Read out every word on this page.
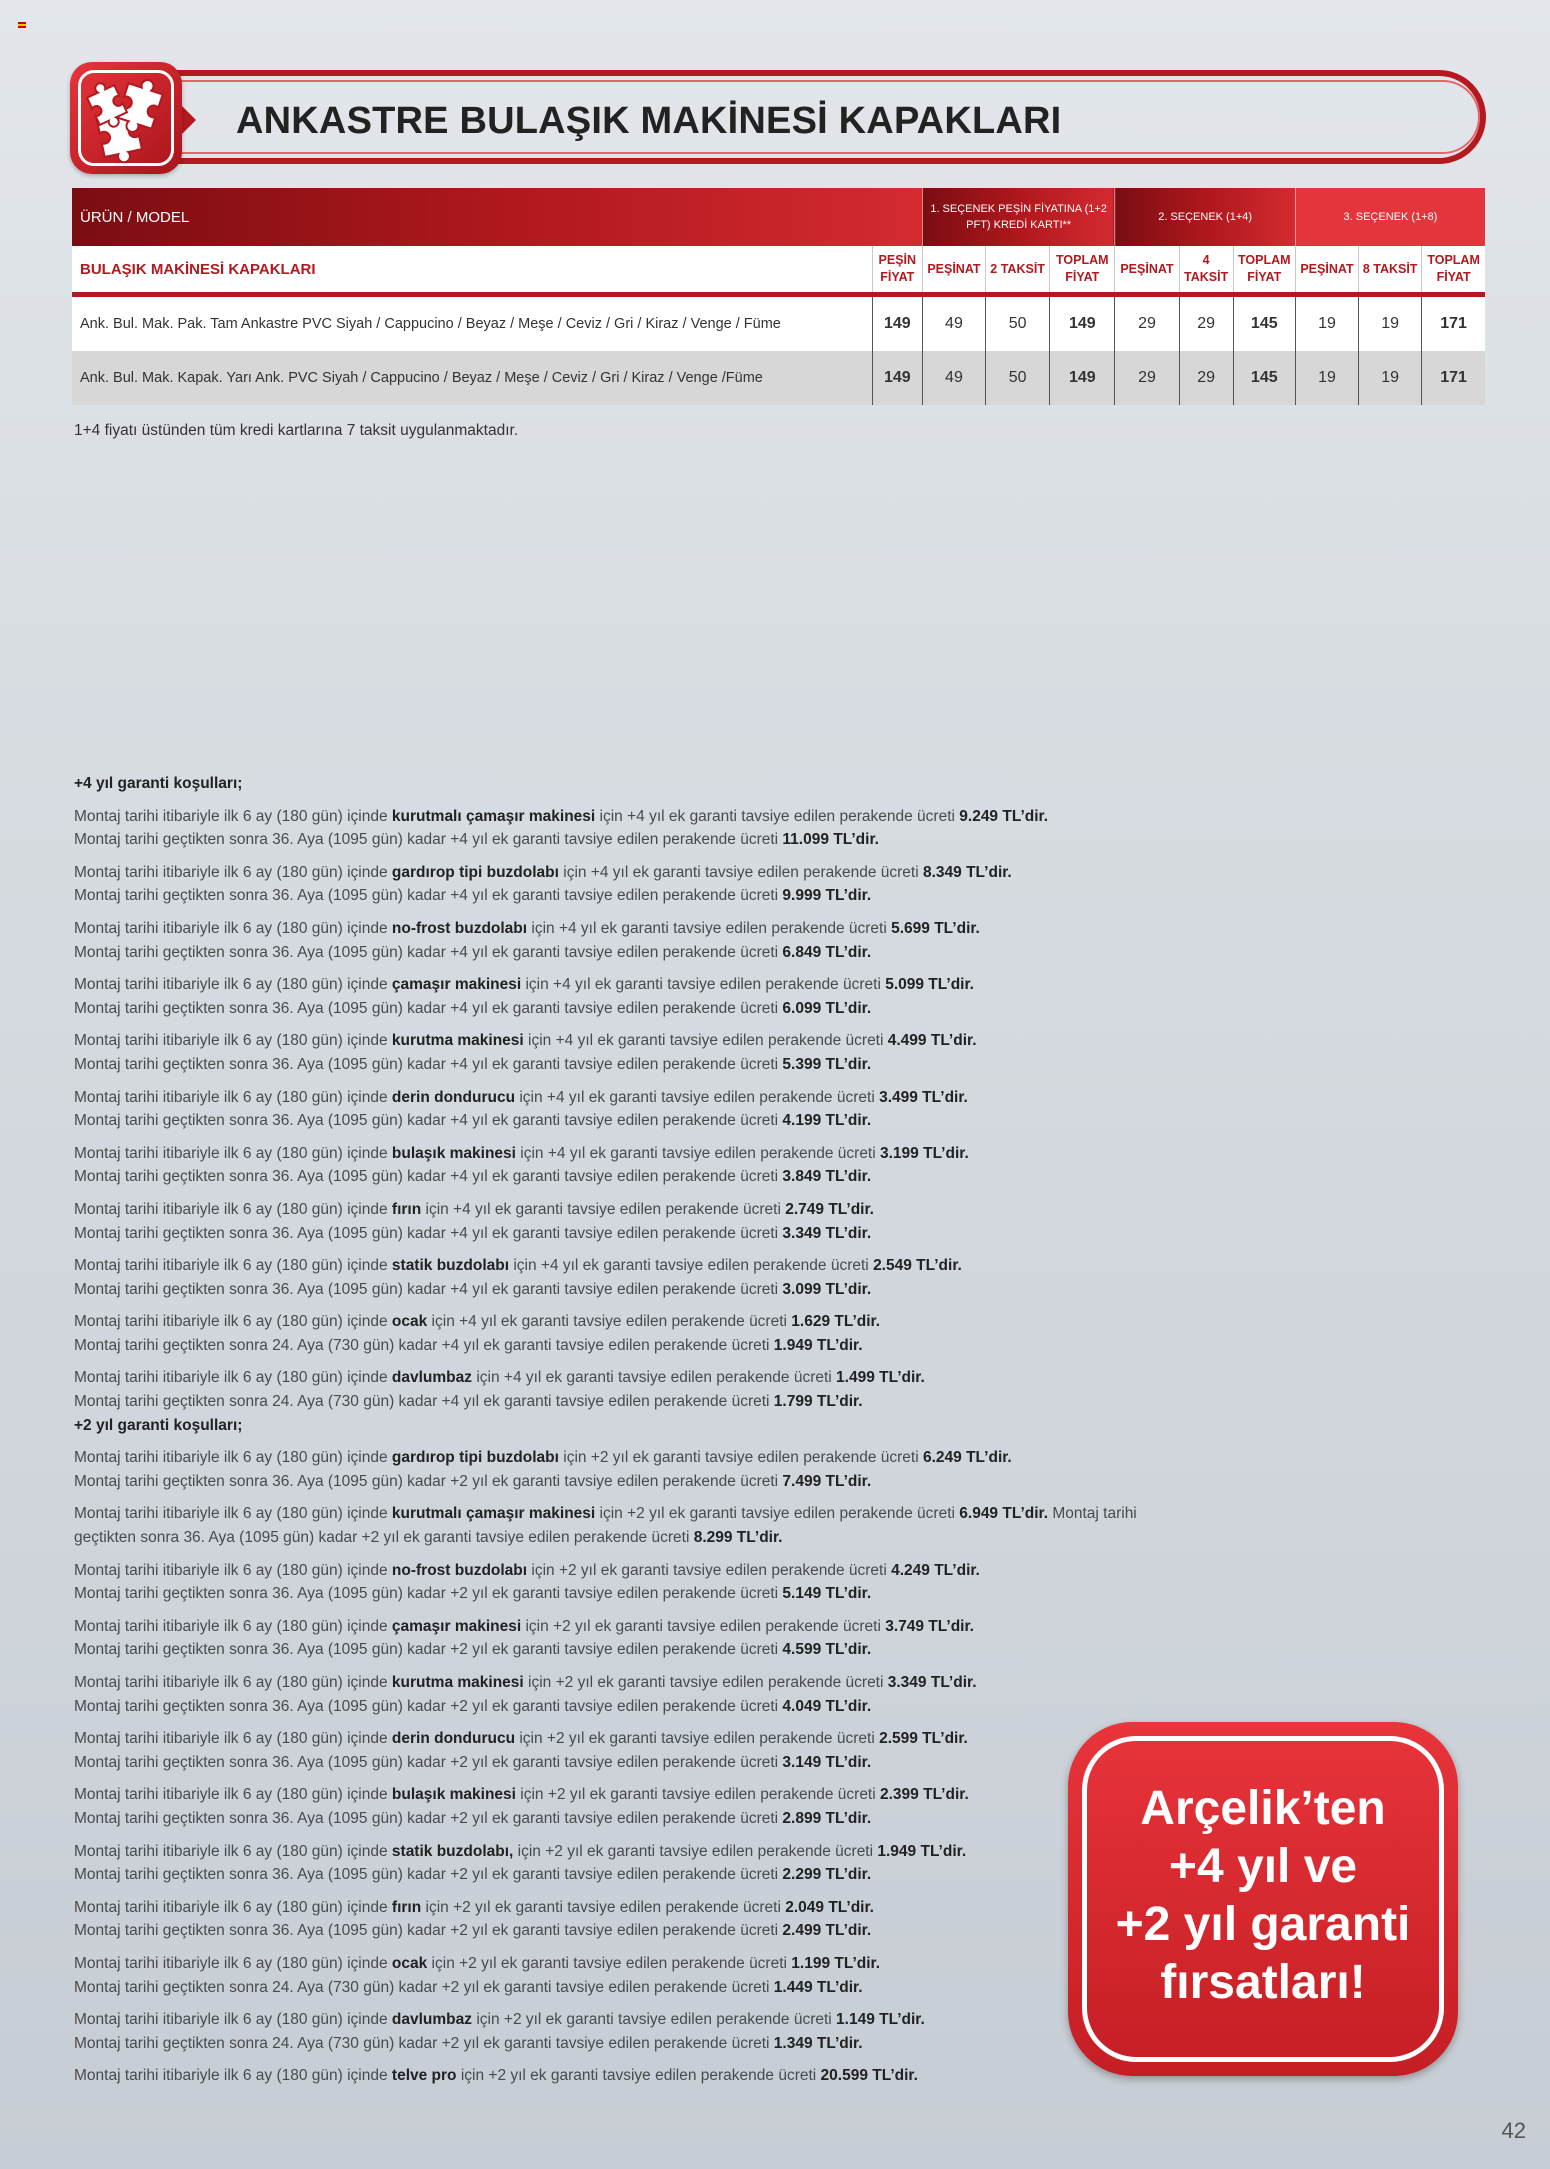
ANKASTRE BULAŞIK MAKİNESİ KAPAKLARI
ÜRÜN / MODEL		1. SEÇENEK PEŞİN FİYATINA (1+2 PFT) KREDİ KARTI**			2. SEÇENEK (1+4)			3. SEÇENEK (1+8)		
BULAŞIK MAKİNESİ KAPAKLARI	PEŞİN FİYAT	PEŞİNAT	2 TAKSİT	TOPLAM FİYAT	PEŞİNAT	4 TAKSİT	TOPLAM FİYAT	PEŞİNAT	8 TAKSİT	TOPLAM FİYAT
Ank. Bul. Mak. Pak. Tam Ankastre PVC Siyah / Cappucino / Beyaz / Meşe / Ceviz / Gri / Kiraz / Venge / Füme	149	49	50	149	29	29	145	19	19	171
Ank. Bul. Mak. Kapak. Yarı Ank. PVC Siyah / Cappucino / Beyaz / Meşe / Ceviz / Gri / Kiraz / Venge /Füme	149	49	50	149	29	29	145	19	19	171
1+4 fiyatı üstünden tüm kredi kartlarına 7 taksit uygulanmaktadır.
+4 yıl garanti koşulları;

Montaj tarihi itibariyle ilk 6 ay (180 gün) içinde kurutmalı çamaşır makinesi için +4 yıl ek garanti tavsiye edilen perakende ücreti 9.249 TL’dir.
Montaj tarihi geçtikten sonra 36. Aya (1095 gün) kadar +4 yıl ek garanti tavsiye edilen perakende ücreti 11.099 TL’dir.

Montaj tarihi itibariyle ilk 6 ay (180 gün) içinde gardırop tipi buzdolabı için +4 yıl ek garanti tavsiye edilen perakende ücreti 8.349 TL’dir.
Montaj tarihi geçtikten sonra 36. Aya (1095 gün) kadar +4 yıl ek garanti tavsiye edilen perakende ücreti 9.999 TL’dir.

Montaj tarihi itibariyle ilk 6 ay (180 gün) içinde no-frost buzdolabı için +4 yıl ek garanti tavsiye edilen perakende ücreti 5.699 TL’dir.
Montaj tarihi geçtikten sonra 36. Aya (1095 gün) kadar +4 yıl ek garanti tavsiye edilen perakende ücreti 6.849 TL’dir.

Montaj tarihi itibariyle ilk 6 ay (180 gün) içinde çamaşır makinesi için +4 yıl ek garanti tavsiye edilen perakende ücreti 5.099 TL’dir.
Montaj tarihi geçtikten sonra 36. Aya (1095 gün) kadar +4 yıl ek garanti tavsiye edilen perakende ücreti 6.099 TL’dir.

Montaj tarihi itibariyle ilk 6 ay (180 gün) içinde kurutma makinesi için +4 yıl ek garanti tavsiye edilen perakende ücreti 4.499 TL’dir.
Montaj tarihi geçtikten sonra 36. Aya (1095 gün) kadar +4 yıl ek garanti tavsiye edilen perakende ücreti 5.399 TL’dir.

Montaj tarihi itibariyle ilk 6 ay (180 gün) içinde derin dondurucu için +4 yıl ek garanti tavsiye edilen perakende ücreti 3.499 TL’dir.
Montaj tarihi geçtikten sonra 36. Aya (1095 gün) kadar +4 yıl ek garanti tavsiye edilen perakende ücreti 4.199 TL’dir.

Montaj tarihi itibariyle ilk 6 ay (180 gün) içinde bulaşık makinesi için +4 yıl ek garanti tavsiye edilen perakende ücreti 3.199 TL’dir.
Montaj tarihi geçtikten sonra 36. Aya (1095 gün) kadar +4 yıl ek garanti tavsiye edilen perakende ücreti 3.849 TL’dir.

Montaj tarihi itibariyle ilk 6 ay (180 gün) içinde fırın için +4 yıl ek garanti tavsiye edilen perakende ücreti 2.749 TL’dir.
Montaj tarihi geçtikten sonra 36. Aya (1095 gün) kadar +4 yıl ek garanti tavsiye edilen perakende ücreti 3.349 TL’dir.

Montaj tarihi itibariyle ilk 6 ay (180 gün) içinde statik buzdolabı için +4 yıl ek garanti tavsiye edilen perakende ücreti 2.549 TL’dir.
Montaj tarihi geçtikten sonra 36. Aya (1095 gün) kadar +4 yıl ek garanti tavsiye edilen perakende ücreti 3.099 TL’dir.

Montaj tarihi itibariyle ilk 6 ay (180 gün) içinde ocak için +4 yıl ek garanti tavsiye edilen perakende ücreti 1.629 TL’dir.
Montaj tarihi geçtikten sonra 24. Aya (730 gün) kadar +4 yıl ek garanti tavsiye edilen perakende ücreti 1.949 TL’dir.

Montaj tarihi itibariyle ilk 6 ay (180 gün) içinde davlumbaz için +4 yıl ek garanti tavsiye edilen perakende ücreti 1.499 TL’dir.
Montaj tarihi geçtikten sonra 24. Aya (730 gün) kadar +4 yıl ek garanti tavsiye edilen perakende ücreti 1.799 TL’dir.

+2 yıl garanti koşulları;

Montaj tarihi itibariyle ilk 6 ay (180 gün) içinde gardırop tipi buzdolabı için +2 yıl ek garanti tavsiye edilen perakende ücreti 6.249 TL’dir.
Montaj tarihi geçtikten sonra 36. Aya (1095 gün) kadar +2 yıl ek garanti tavsiye edilen perakende ücreti 7.499 TL’dir.

Montaj tarihi itibariyle ilk 6 ay (180 gün) içinde kurutmalı çamaşır makinesi için +2 yıl ek garanti tavsiye edilen perakende ücreti 6.949 TL’dir. Montaj tarihi geçtikten sonra 36. Aya (1095 gün) kadar +2 yıl ek garanti tavsiye edilen perakende ücreti 8.299 TL’dir.

Montaj tarihi itibariyle ilk 6 ay (180 gün) içinde no-frost buzdolabı için +2 yıl ek garanti tavsiye edilen perakende ücreti 4.249 TL’dir.
Montaj tarihi geçtikten sonra 36. Aya (1095 gün) kadar +2 yıl ek garanti tavsiye edilen perakende ücreti 5.149 TL’dir.

Montaj tarihi itibariyle ilk 6 ay (180 gün) içinde çamaşır makinesi için +2 yıl ek garanti tavsiye edilen perakende ücreti 3.749 TL’dir.
Montaj tarihi geçtikten sonra 36. Aya (1095 gün) kadar +2 yıl ek garanti tavsiye edilen perakende ücreti 4.599 TL’dir.

Montaj tarihi itibariyle ilk 6 ay (180 gün) içinde kurutma makinesi için +2 yıl ek garanti tavsiye edilen perakende ücreti 3.349 TL’dir.
Montaj tarihi geçtikten sonra 36. Aya (1095 gün) kadar +2 yıl ek garanti tavsiye edilen perakende ücreti 4.049 TL’dir.

Montaj tarihi itibariyle ilk 6 ay (180 gün) içinde derin dondurucu için +2 yıl ek garanti tavsiye edilen perakende ücreti 2.599 TL’dir.
Montaj tarihi geçtikten sonra 36. Aya (1095 gün) kadar +2 yıl ek garanti tavsiye edilen perakende ücreti 3.149 TL’dir.

Montaj tarihi itibariyle ilk 6 ay (180 gün) içinde bulaşık makinesi için +2 yıl ek garanti tavsiye edilen perakende ücreti 2.399 TL’dir.
Montaj tarihi geçtikten sonra 36. Aya (1095 gün) kadar +2 yıl ek garanti tavsiye edilen perakende ücreti 2.899 TL’dir.

Montaj tarihi itibariyle ilk 6 ay (180 gün) içinde statik buzdolabı, için +2 yıl ek garanti tavsiye edilen perakende ücreti 1.949 TL’dir.
Montaj tarihi geçtikten sonra 36. Aya (1095 gün) kadar +2 yıl ek garanti tavsiye edilen perakende ücreti 2.299 TL’dir.

Montaj tarihi itibariyle ilk 6 ay (180 gün) içinde fırın için +2 yıl ek garanti tavsiye edilen perakende ücreti 2.049 TL’dir.
Montaj tarihi geçtikten sonra 36. Aya (1095 gün) kadar +2 yıl ek garanti tavsiye edilen perakende ücreti 2.499 TL’dir.

Montaj tarihi itibariyle ilk 6 ay (180 gün) içinde ocak için +2 yıl ek garanti tavsiye edilen perakende ücreti 1.199 TL’dir.
Montaj tarihi geçtikten sonra 24. Aya (730 gün) kadar +2 yıl ek garanti tavsiye edilen perakende ücreti 1.449 TL’dir.

Montaj tarihi itibariyle ilk 6 ay (180 gün) içinde davlumbaz için +2 yıl ek garanti tavsiye edilen perakende ücreti 1.149 TL’dir.
Montaj tarihi geçtikten sonra 24. Aya (730 gün) kadar +2 yıl ek garanti tavsiye edilen perakende ücreti 1.349 TL’dir.

Montaj tarihi itibariyle ilk 6 ay (180 gün) içinde telve pro için +2 yıl ek garanti tavsiye edilen perakende ücreti 20.599 TL’dir.

Arçelik’ten
+4 yıl ve
+2 yıl garanti
fırsatları!
42
